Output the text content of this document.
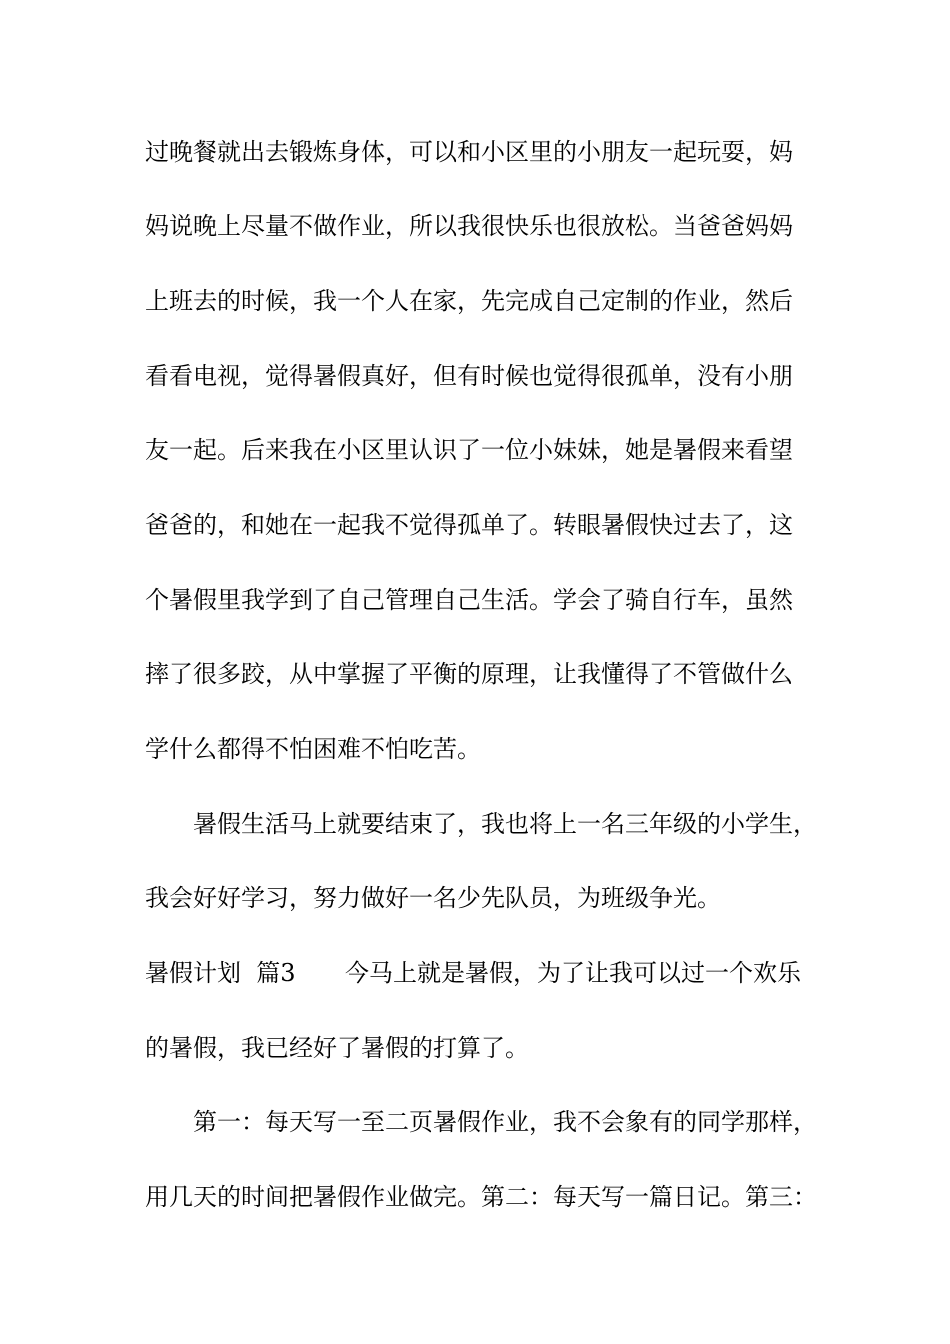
过晚餐就出去锻炼身体，可以和小区里的小朋友一起玩耍，妈
妈说晚上尽量不做作业，所以我很快乐也很放松。当爸爸妈妈
上班去的时候，我一个人在家，先完成自己定制的作业，然后
看看电视，觉得暑假真好，但有时候也觉得很孤单，没有小朋
友一起。后来我在小区里认识了一位小妹妹，她是暑假来看望
爸爸的，和她在一起我不觉得孤单了。转眼暑假快过去了，这
个暑假里我学到了自己管理自己生活。学会了骑自行车，虽然
摔了很多跤，从中掌握了平衡的原理，让我懂得了不管做什么
学什么都得不怕困难不怕吃苦。
暑假生活马上就要结束了，我也将上一名三年级的小学生，
我会好好学习，努力做好一名少先队员，为班级争光。
暑假计划  篇3	今马上就是暑假，为了让我可以过一个欢乐
的暑假，我已经好了暑假的打算了。
第一：每天写一至二页暑假作业，我不会象有的同学那样，
用几天的时间把暑假作业做完。第二：每天写一篇日记。第三：
